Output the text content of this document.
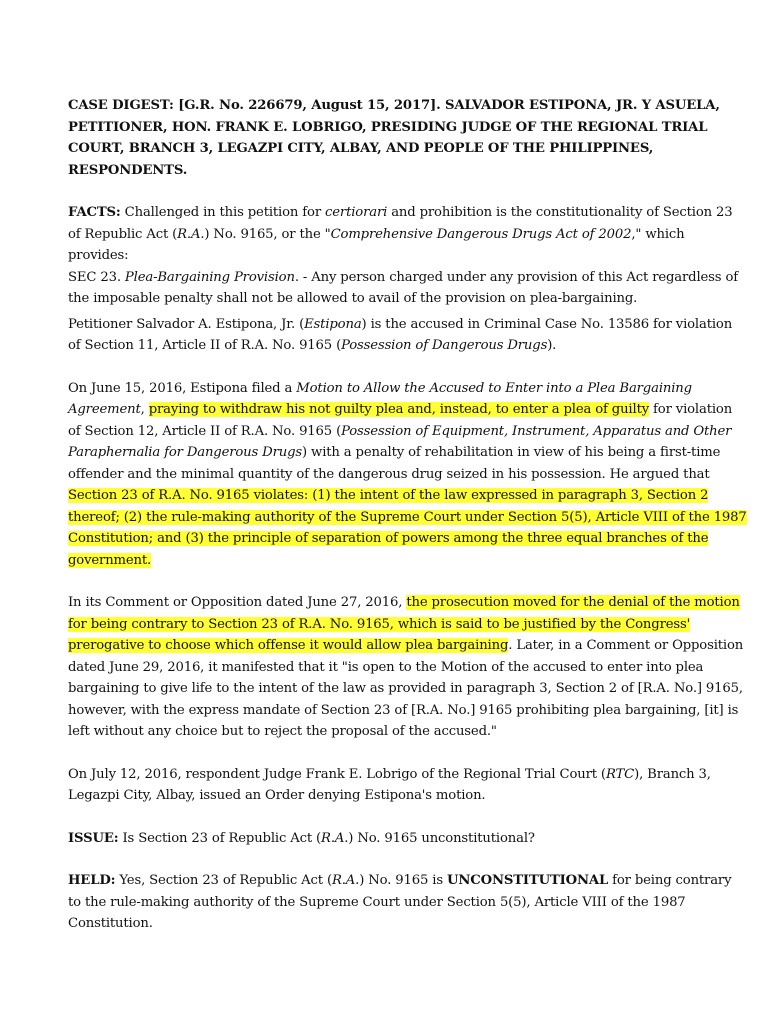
CASE DIGEST: [G.R. No. 226679, August 15, 2017]. SALVADOR ESTIPONA, JR. Y ASUELA, PETITIONER, HON. FRANK E. LOBRIGO, PRESIDING JUDGE OF THE REGIONAL TRIAL COURT, BRANCH 3, LEGAZPI CITY, ALBAY, AND PEOPLE OF THE PHILIPPINES, RESPONDENTS.

FACTS: Challenged in this petition for certiorari and prohibition is the constitutionality of Section 23 of Republic Act (R.A.) No. 9165, or the "Comprehensive Dangerous Drugs Act of 2002," which provides:

SEC 23. Plea-Bargaining Provision. - Any person charged under any provision of this Act regardless of the imposable penalty shall not be allowed to avail of the provision on plea-bargaining.

Petitioner Salvador A. Estipona, Jr. (Estipona) is the accused in Criminal Case No. 13586 for violation of Section 11, Article II of R.A. No. 9165 (Possession of Dangerous Drugs).

On June 15, 2016, Estipona filed a Motion to Allow the Accused to Enter into a Plea Bargaining Agreement, praying to withdraw his not guilty plea and, instead, to enter a plea of guilty for violation of Section 12, Article II of R.A. No. 9165 (Possession of Equipment, Instrument, Apparatus and Other Paraphernalia for Dangerous Drugs) with a penalty of rehabilitation in view of his being a first-time offender and the minimal quantity of the dangerous drug seized in his possession. He argued that Section 23 of R.A. No. 9165 violates: (1) the intent of the law expressed in paragraph 3, Section 2 thereof; (2) the rule-making authority of the Supreme Court under Section 5(5), Article VIII of the 1987 Constitution; and (3) the principle of separation of powers among the three equal branches of the government.

In its Comment or Opposition dated June 27, 2016, the prosecution moved for the denial of the motion for being contrary to Section 23 of R.A. No. 9165, which is said to be justified by the Congress' prerogative to choose which offense it would allow plea bargaining. Later, in a Comment or Opposition dated June 29, 2016, it manifested that it "is open to the Motion of the accused to enter into plea bargaining to give life to the intent of the law as provided in paragraph 3, Section 2 of [R.A. No.] 9165, however, with the express mandate of Section 23 of [R.A. No.] 9165 prohibiting plea bargaining, [it] is left without any choice but to reject the proposal of the accused."

On July 12, 2016, respondent Judge Frank E. Lobrigo of the Regional Trial Court (RTC), Branch 3, Legazpi City, Albay, issued an Order denying Estipona's motion.

ISSUE: Is Section 23 of Republic Act (R.A.) No. 9165 unconstitutional?

HELD: Yes, Section 23 of Republic Act (R.A.) No. 9165 is UNCONSTITUTIONAL for being contrary to the rule-making authority of the Supreme Court under Section 5(5), Article VIII of the 1987 Constitution.
